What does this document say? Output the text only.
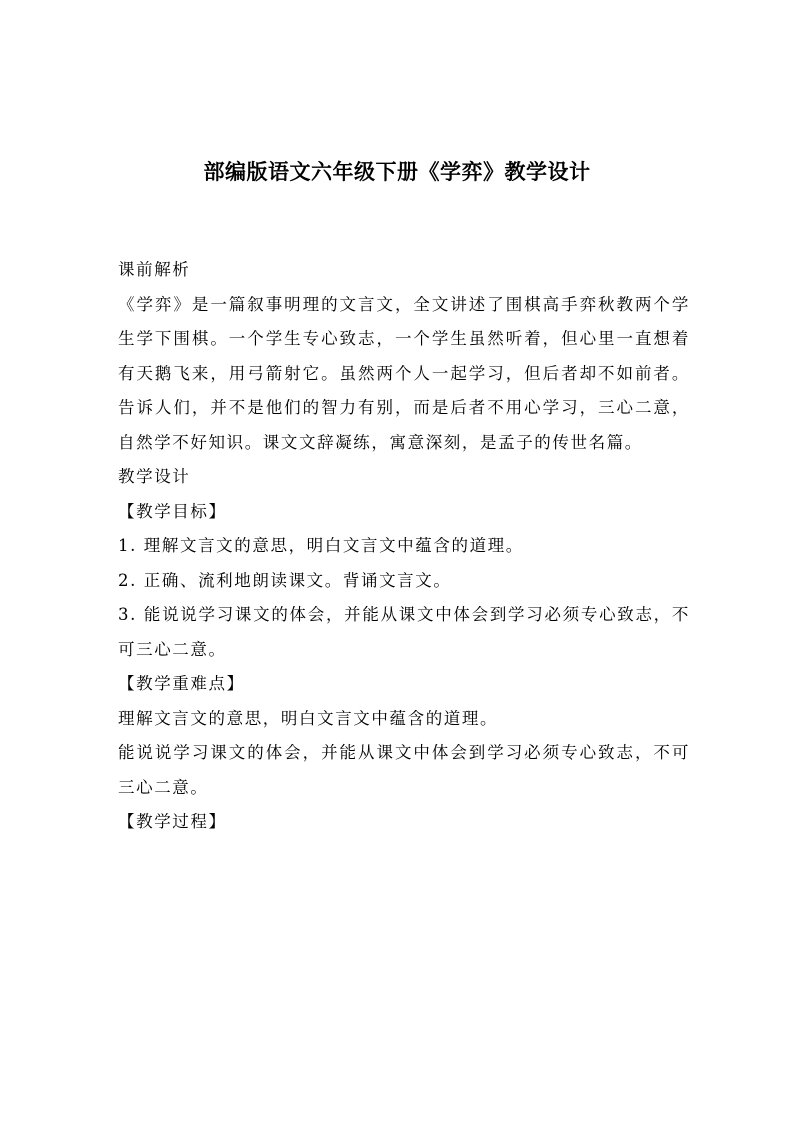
部编版语文六年级下册《学弈》教学设计

课前解析

《学弈》是一篇叙事明理的文言文，全文讲述了围棋高手弈秋教两个学生学下围棋。一个学生专心致志，一个学生虽然听着，但心里一直想着有天鹅飞来，用弓箭射它。虽然两个人一起学习，但后者却不如前者。告诉人们，并不是他们的智力有别，而是后者不用心学习，三心二意，自然学不好知识。课文文辞凝练，寓意深刻，是孟子的传世名篇。

教学设计

【教学目标】

1. 理解文言文的意思，明白文言文中蕴含的道理。

2. 正确、流利地朗读课文。背诵文言文。

3. 能说说学习课文的体会，并能从课文中体会到学习必须专心致志，不可三心二意。

【教学重难点】

理解文言文的意思，明白文言文中蕴含的道理。

能说说学习课文的体会，并能从课文中体会到学习必须专心致志，不可三心二意。

【教学过程】
